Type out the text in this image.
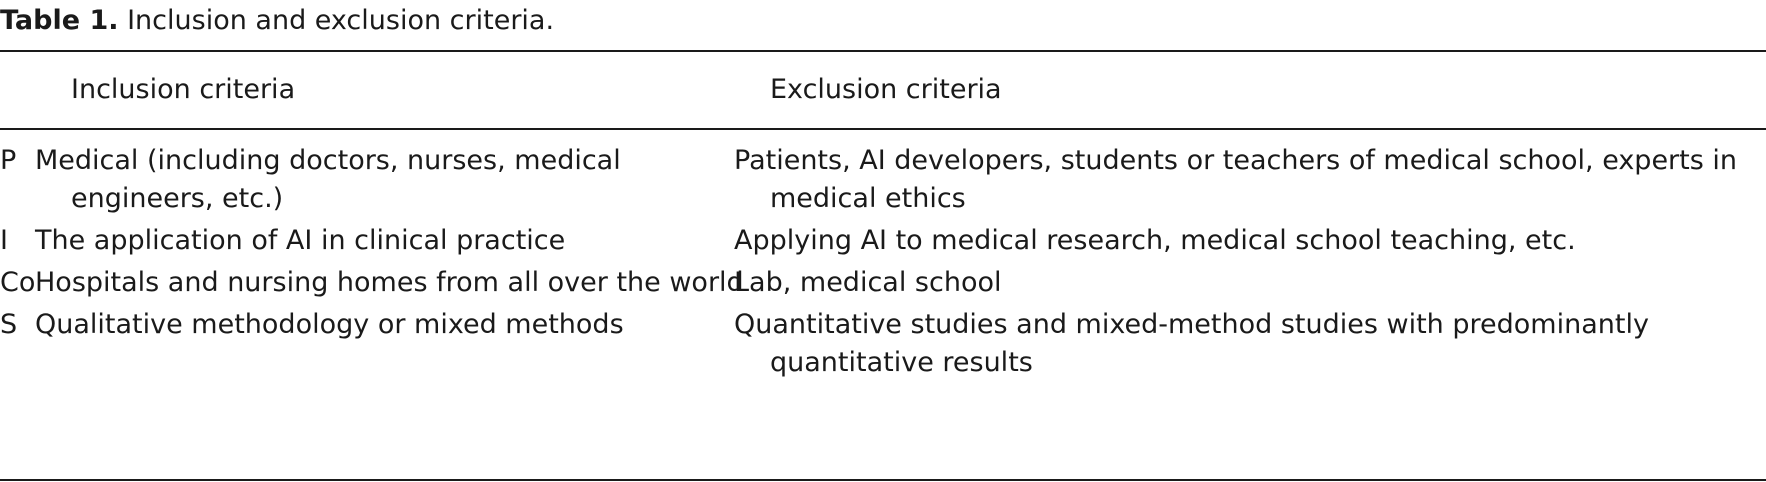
Table 1. Inclusion and exclusion criteria.
	Inclusion criteria	Exclusion criteria
P	Medical (including doctors, nurses, medical engineers, etc.)	Patients, AI developers, students or teachers of medical school, experts in medical ethics
I	The application of AI in clinical practice	Applying AI to medical research, medical school teaching, etc.
Co	Hospitals and nursing homes from all over the world	Lab, medical school
S	Qualitative methodology or mixed methods	Quantitative studies and mixed-method studies with predominantly quantitative results
